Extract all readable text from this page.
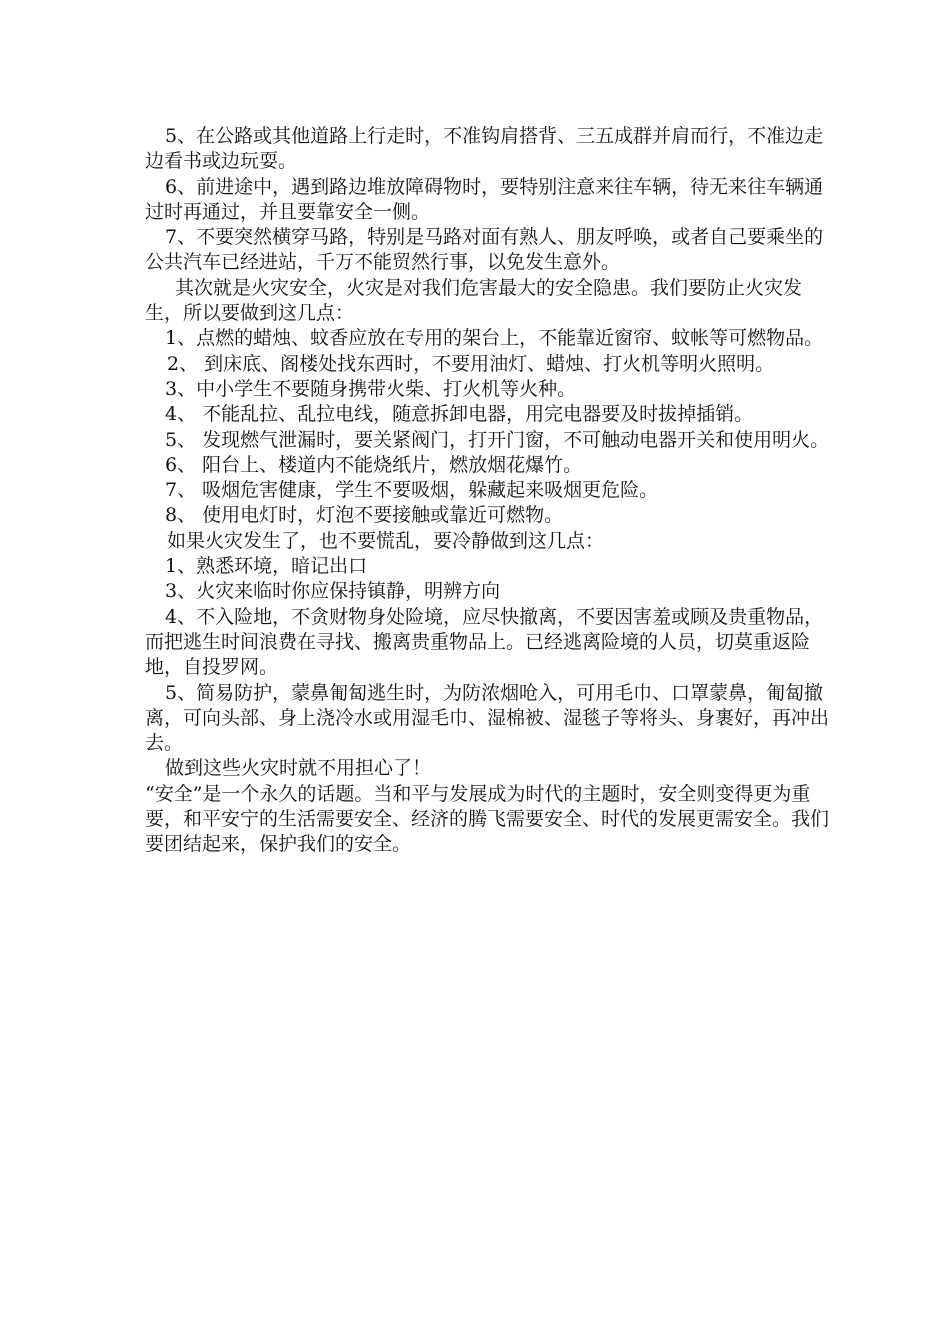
5、在公路或其他道路上行走时，不准钩肩搭背、三五成群并肩而行，不准边走边看书或边玩耍。

6、前进途中，遇到路边堆放障碍物时，要特别注意来往车辆，待无来往车辆通过时再通过，并且要靠安全一侧。

7、不要突然横穿马路，特别是马路对面有熟人、朋友呼唤，或者自己要乘坐的公共汽车已经进站，千万不能贸然行事，以免发生意外。

其次就是火灾安全，火灾是对我们危害最大的安全隐患。我们要防止火灾发生，所以要做到这几点：

1、点燃的蜡烛、蚊香应放在专用的架台上，不能靠近窗帘、蚊帐等可燃物品。

2、 到床底、阁楼处找东西时，不要用油灯、蜡烛、打火机等明火照明。

3、中小学生不要随身携带火柴、打火机等火种。

4、 不能乱拉、乱拉电线，随意拆卸电器，用完电器要及时拔掉插销。

5、 发现燃气泄漏时，要关紧阀门，打开门窗，不可触动电器开关和使用明火。

6、 阳台上、楼道内不能烧纸片，燃放烟花爆竹。

7、 吸烟危害健康，学生不要吸烟，躲藏起来吸烟更危险。

8、 使用电灯时，灯泡不要接触或靠近可燃物。

如果火灾发生了，也不要慌乱，要冷静做到这几点：

1、熟悉环境，暗记出口

3、火灾来临时你应保持镇静，明辨方向

4、不入险地，不贪财物身处险境，应尽快撤离，不要因害羞或顾及贵重物品，而把逃生时间浪费在寻找、搬离贵重物品上。已经逃离险境的人员，切莫重返险地，自投罗网。

5、简易防护，蒙鼻匍匐逃生时，为防浓烟呛入，可用毛巾、口罩蒙鼻，匍匐撤离，可向头部、身上浇冷水或用湿毛巾、湿棉被、湿毯子等将头、身裹好，再冲出去。

做到这些火灾时就不用担心了！

“安全”是一个永久的话题。当和平与发展成为时代的主题时，安全则变得更为重要，和平安宁的生活需要安全、经济的腾飞需要安全、时代的发展更需安全。我们要团结起来，保护我们的安全。
